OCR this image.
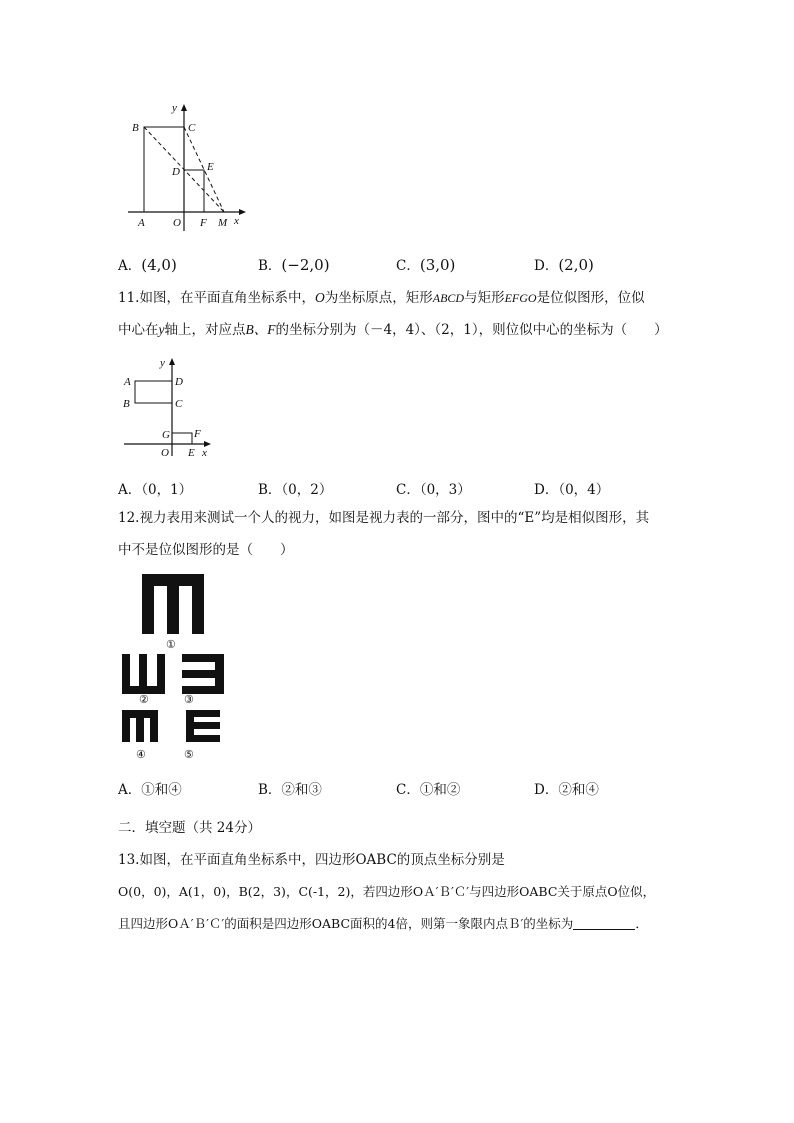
B	C
D E
A	O F M x
y
A．(4,0)	B．(−2,0)	C．(3,0)	D．(2,0)
11.如图，在平面直角坐标系中，O为坐标原点，矩形ABCD与矩形EFGO是位似图形，位似
中心在y轴上，对应点B、F的坐标分别为（－4，4）、（2，1），则位似中心的坐标为（　　）
y
A	D
B	C
G F
O E x
A．（0，1）	B．（0，2）	C．（0，3）	D．（0，4）
12.视力表用来测试一个人的视力，如图是视力表的一部分，图中的“E”均是相似图形，其
中不是位似图形的是（　　）
①
②	③
④	⑤
A．①和④	B．②和③	C．①和②	D．②和④
二．填空题（共 24分）
13.如图，在平面直角坐标系中，四边形OABC的顶点坐标分别是
O(0，0)，A(1，0)，B(2，3)，C(-1，2)，若四边形OＡ′Ｂ′Ｃ′与四边形OABC关于原点O位似，
且四边形OＡ′Ｂ′Ｃ′的面积是四边形OABC面积的4倍，则第一象限内点Ｂ′的坐标为	．
